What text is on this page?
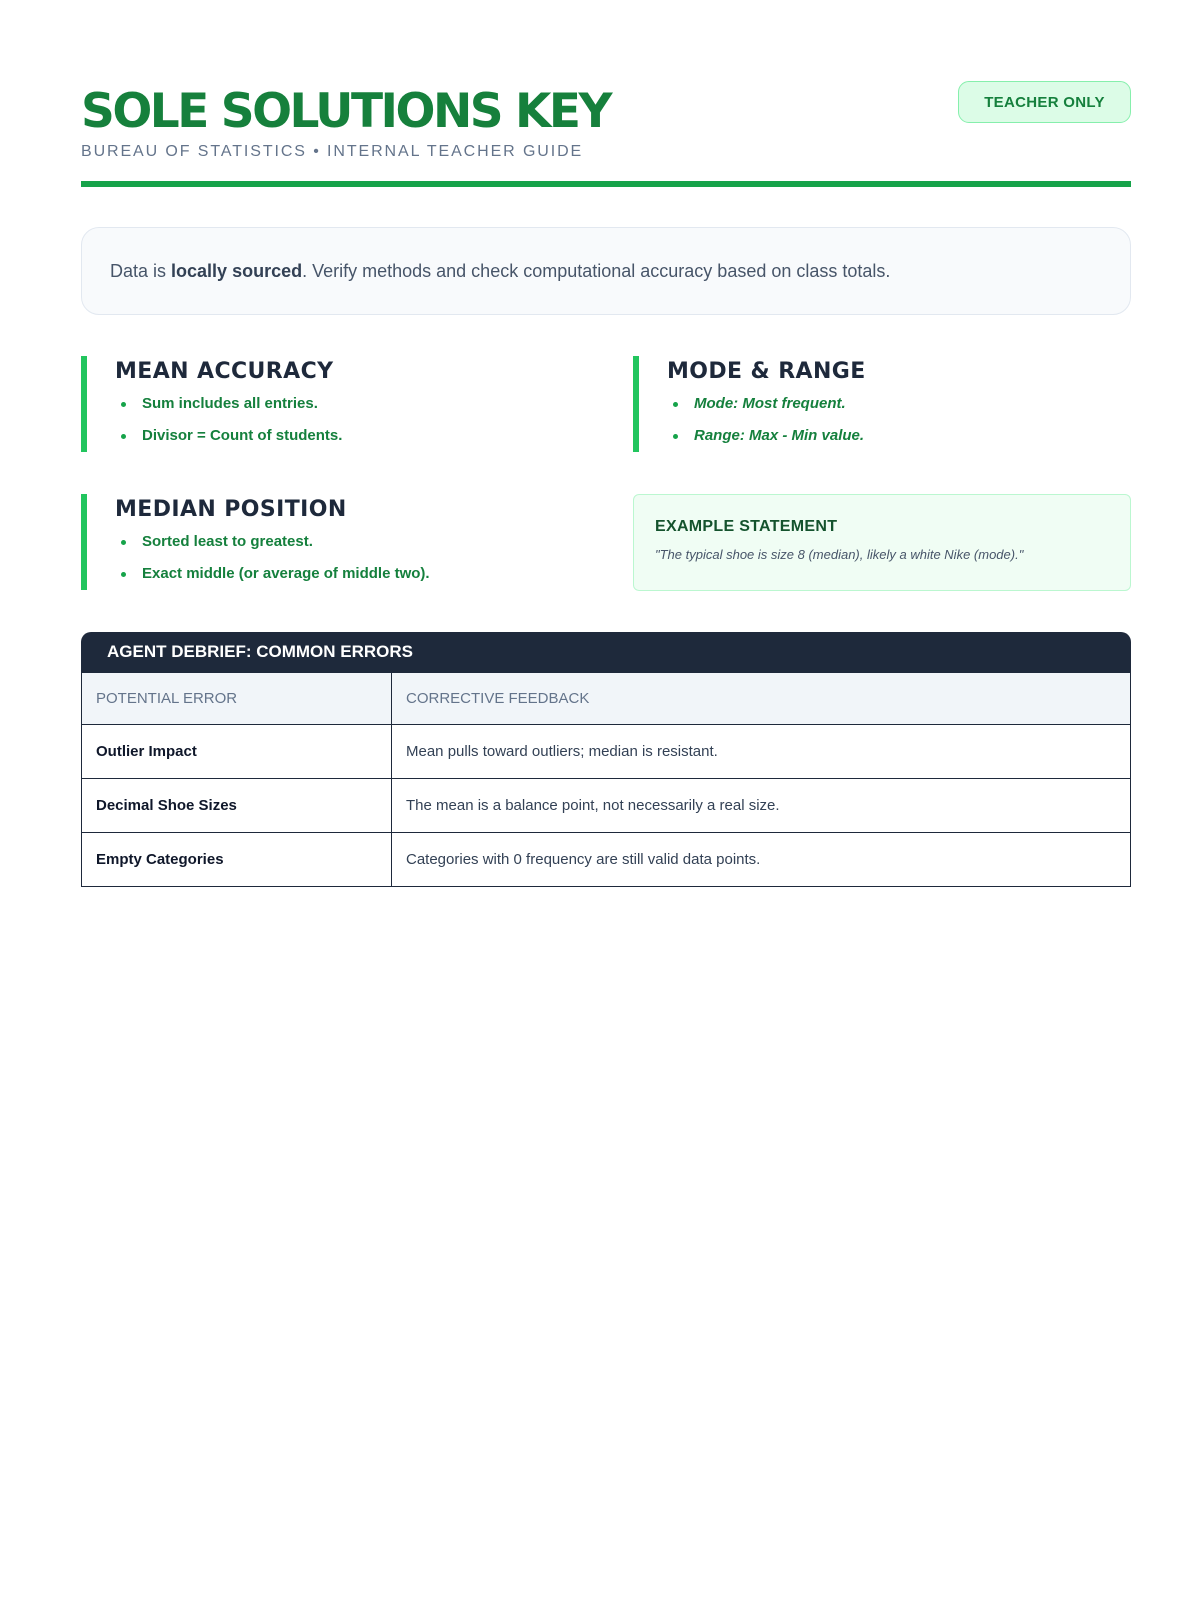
SOLE SOLUTIONS KEY
BUREAU OF STATISTICS • INTERNAL TEACHER GUIDE
TEACHER ONLY
Data is locally sourced. Verify methods and check computational accuracy based on class totals.
MEAN ACCURACY
Sum includes all entries.
Divisor = Count of students.
MODE & RANGE
Mode: Most frequent.
Range: Max - Min value.
MEDIAN POSITION
Sorted least to greatest.
Exact middle (or average of middle two).
EXAMPLE STATEMENT
"The typical shoe is size 8 (median), likely a white Nike (mode)."
AGENT DEBRIEF: COMMON ERRORS
POTENTIAL ERROR	CORRECTIVE FEEDBACK
Outlier Impact	Mean pulls toward outliers; median is resistant.
Decimal Shoe Sizes	The mean is a balance point, not necessarily a real size.
Empty Categories	Categories with 0 frequency are still valid data points.
